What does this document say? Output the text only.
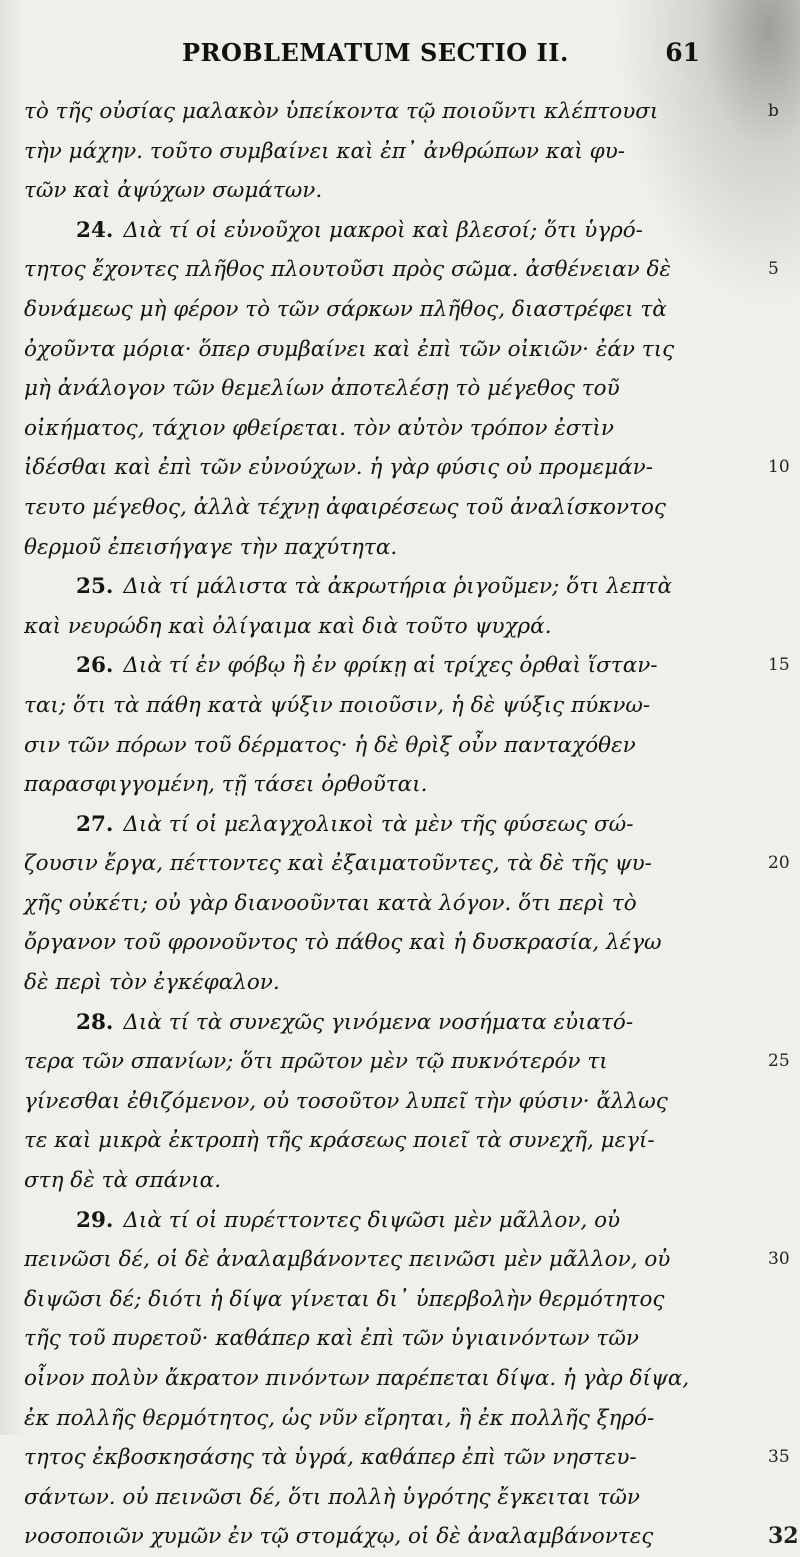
PROBLEMATUM SECTIO II.	61
τὸ τῆς οὐσίας μαλακὸν ὑπείκοντα τῷ ποιοῦντι κλέπτουσι	b
τὴν μάχην. τοῦτο συμβαίνει καὶ ἐπ᾽ ἀνθρώπων καὶ φυ-
τῶν καὶ ἀψύχων σωμάτων.
24. Διὰ τί οἱ εὐνοῦχοι μακροὶ καὶ βλεσοί; ὅτι ὑγρό-
τητος ἔχοντες πλῆθος πλουτοῦσι πρὸς σῶμα. ἀσθένειαν δὲ	5
δυνάμεως μὴ φέρον τὸ τῶν σάρκων πλῆθος, διαστρέφει τὰ
ὀχοῦντα μόρια· ὅπερ συμβαίνει καὶ ἐπὶ τῶν οἰκιῶν· ἐάν τις
μὴ ἀνάλογον τῶν θεμελίων ἀποτελέσῃ τὸ μέγεθος τοῦ
οἰκήματος, τάχιον φθείρεται. τὸν αὐτὸν τρόπον ἐστὶν
ἰδέσθαι καὶ ἐπὶ τῶν εὐνούχων. ἡ γὰρ φύσις οὐ προμεμάν-	10
τευτο μέγεθος, ἀλλὰ τέχνῃ ἀφαιρέσεως τοῦ ἀναλίσκοντος
θερμοῦ ἐπεισήγαγε τὴν παχύτητα.
25. Διὰ τί μάλιστα τὰ ἀκρωτήρια ῥιγοῦμεν; ὅτι λεπτὰ
καὶ νευρώδη καὶ ὀλίγαιμα καὶ διὰ τοῦτο ψυχρά.
26. Διὰ τί ἐν φόβῳ ἢ ἐν φρίκῃ αἱ τρίχες ὀρθαὶ ἵσταν-	15
ται; ὅτι τὰ πάθη κατὰ ψύξιν ποιοῦσιν, ἡ δὲ ψύξις πύκνω-
σιν τῶν πόρων τοῦ δέρματος· ἡ δὲ θρὶξ οὖν πανταχόθεν
παρασφιγγομένη, τῇ τάσει ὀρθοῦται.
27. Διὰ τί οἱ μελαγχολικοὶ τὰ μὲν τῆς φύσεως σώ-
ζουσιν ἔργα, πέττοντες καὶ ἐξαιματοῦντες, τὰ δὲ τῆς ψυ-	20
χῆς οὐκέτι; οὐ γὰρ διανοοῦνται κατὰ λόγον. ὅτι περὶ τὸ
ὄργανον τοῦ φρονοῦντος τὸ πάθος καὶ ἡ δυσκρασία, λέγω
δὲ περὶ τὸν ἐγκέφαλον.
28. Διὰ τί τὰ συνεχῶς γινόμενα νοσήματα εὐιατό-
τερα τῶν σπανίων; ὅτι πρῶτον μὲν τῷ πυκνότερόν τι	25
γίνεσθαι ἐθιζόμενον, οὐ τοσοῦτον λυπεῖ τὴν φύσιν· ἄλλως
τε καὶ μικρὰ ἐκτροπὴ τῆς κράσεως ποιεῖ τὰ συνεχῆ, μεγί-
στη δὲ τὰ σπάνια.
29. Διὰ τί οἱ πυρέττοντες διψῶσι μὲν μᾶλλον, οὐ
πεινῶσι δέ, οἱ δὲ ἀναλαμβάνοντες πεινῶσι μὲν μᾶλλον, οὐ	30
διψῶσι δέ; διότι ἡ δίψα γίνεται δι᾽ ὑπερβολὴν θερμότητος
τῆς τοῦ πυρετοῦ· καθάπερ καὶ ἐπὶ τῶν ὑγιαινόντων τῶν
οἶνον πολὺν ἄκρατον πινόντων παρέπεται δίψα. ἡ γὰρ δίψα,
ἐκ πολλῆς θερμότητος, ὡς νῦν εἴρηται, ἢ ἐκ πολλῆς ξηρό-
τητος ἐκβοσκησάσης τὰ ὑγρά, καθάπερ ἐπὶ τῶν νηστευ-	35
σάντων. οὐ πεινῶσι δέ, ὅτι πολλὴ ὑγρότης ἔγκειται τῶν
νοσοποιῶν χυμῶν ἐν τῷ στομάχῳ, οἱ δὲ ἀναλαμβάνοντες	32
